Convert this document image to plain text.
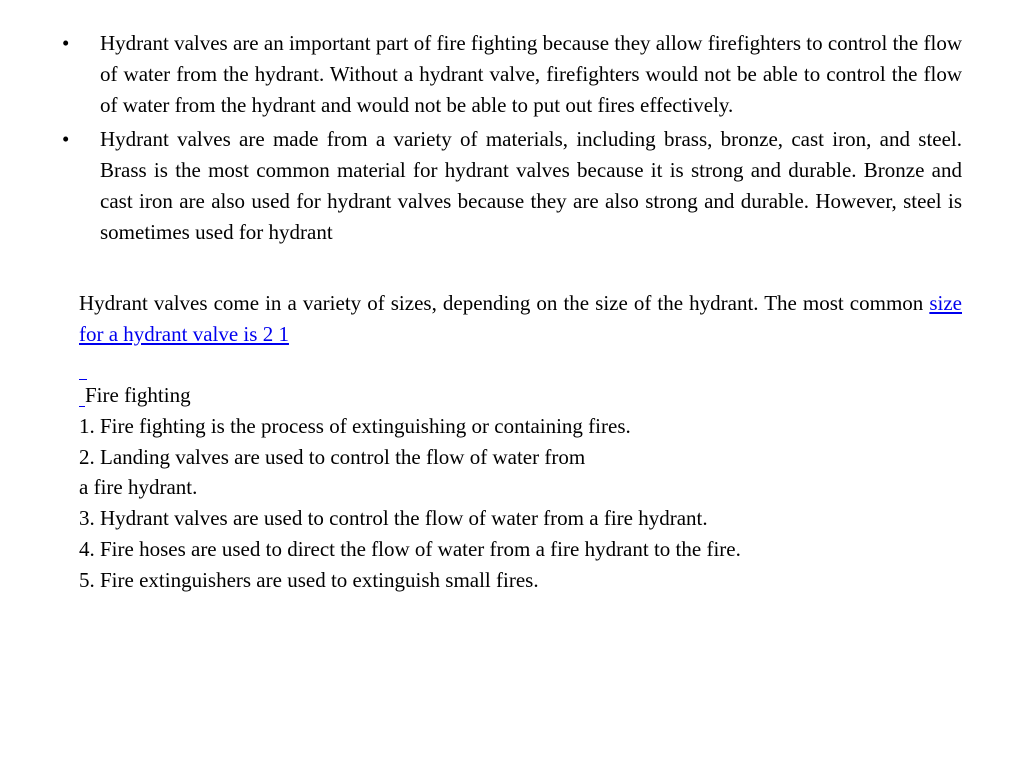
•	Hydrant valves are an important part of fire fighting because they allow firefighters to control the flow of water from the hydrant. Without a hydrant valve, firefighters would not be able to control the flow of water from the hydrant and would not be able to put out fires effectively.
•	Hydrant valves are made from a variety of materials, including brass, bronze, cast iron, and steel. Brass is the most common material for hydrant valves because it is strong and durable. Bronze and cast iron are also used for hydrant valves because they are also strong and durable. However, steel is sometimes used for hydrant

Hydrant valves come in a variety of sizes, depending on the size of the hydrant. The most common size for a hydrant valve is 2 1

Fire fighting
1. Fire fighting is the process of extinguishing or containing fires.
2. Landing valves are used to control the flow of water from
a fire hydrant.
3. Hydrant valves are used to control the flow of water from a fire hydrant.
4. Fire hoses are used to direct the flow of water from a fire hydrant to the fire.
5. Fire extinguishers are used to extinguish small fires.
